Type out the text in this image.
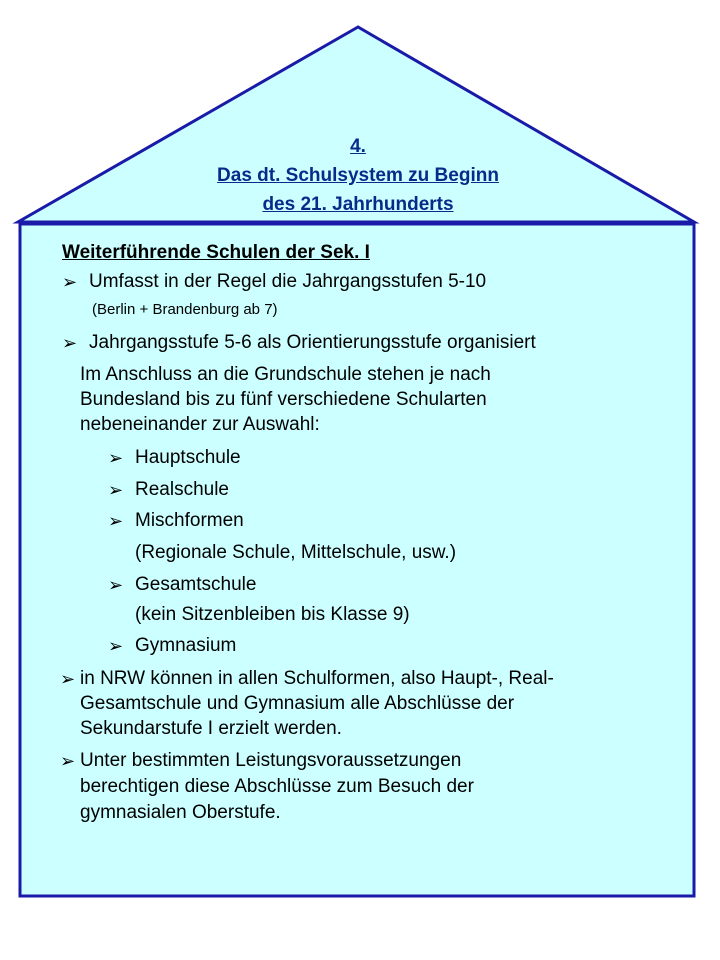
4.
Das dt. Schulsystem zu Beginn
des 21. Jahrhunderts
Weiterführende Schulen der Sek. I
➢ Umfasst in der Regel die Jahrgangsstufen 5-10
(Berlin + Brandenburg ab 7)
➢ Jahrgangsstufe 5-6 als Orientierungsstufe organisiert
Im Anschluss an die Grundschule stehen je nach
Bundesland bis zu fünf verschiedene Schularten
nebeneinander zur Auswahl:
➢ Hauptschule
➢ Realschule
➢ Mischformen
(Regionale Schule, Mittelschule, usw.)
➢ Gesamtschule
(kein Sitzenbleiben bis Klasse 9)
➢ Gymnasium
➢ in NRW können in allen Schulformen, also Haupt-, Real-
Gesamtschule und Gymnasium alle Abschlüsse der
Sekundarstufe I erzielt werden.
➢ Unter bestimmten Leistungsvoraussetzungen
berechtigen diese Abschlüsse zum Besuch der
gymnasialen Oberstufe.
